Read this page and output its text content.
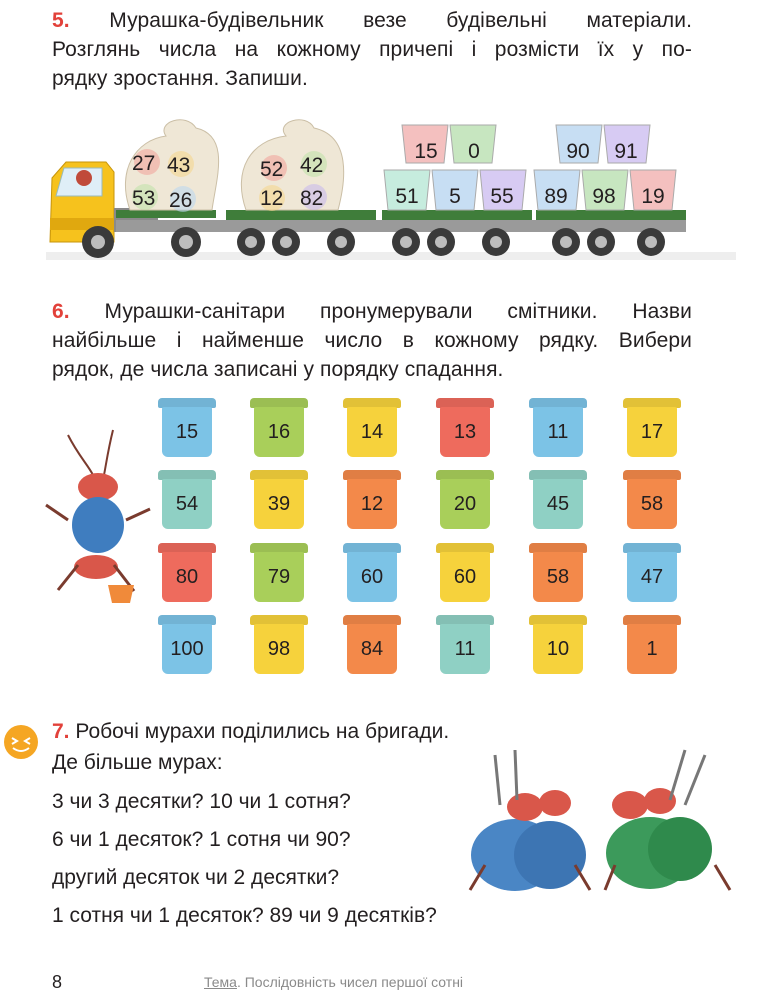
5. Мурашка-будівельник везе будівельні матеріали.
Розглянь числа на кожному причепі і розмісти їх у по-
рядку зростання. Запиши.
27 43
53 26
52 42
12 82
15 0
51 5 55
90 91
89 98 19
6. Мурашки-санітари пронумерували смітники. Назви
найбільше і найменше число в кожному рядку. Вибери
рядок, де числа записані у порядку спадання.
15	16	14	13	11	17
54	39	12	20	45	58
80	79	60	60	58	47
100	98	84	11	10	1
7. Робочі мурахи поділились на бригади.
Де більше мурах:
3 чи 3 десятки? 10 чи 1 сотня?
6 чи 1 десяток? 1 сотня чи 90?
другий десяток чи 2 десятки?
1 сотня чи 1 десяток? 89 чи 9 десятків?
8	Тема. Послідовність чисел першої сотні
